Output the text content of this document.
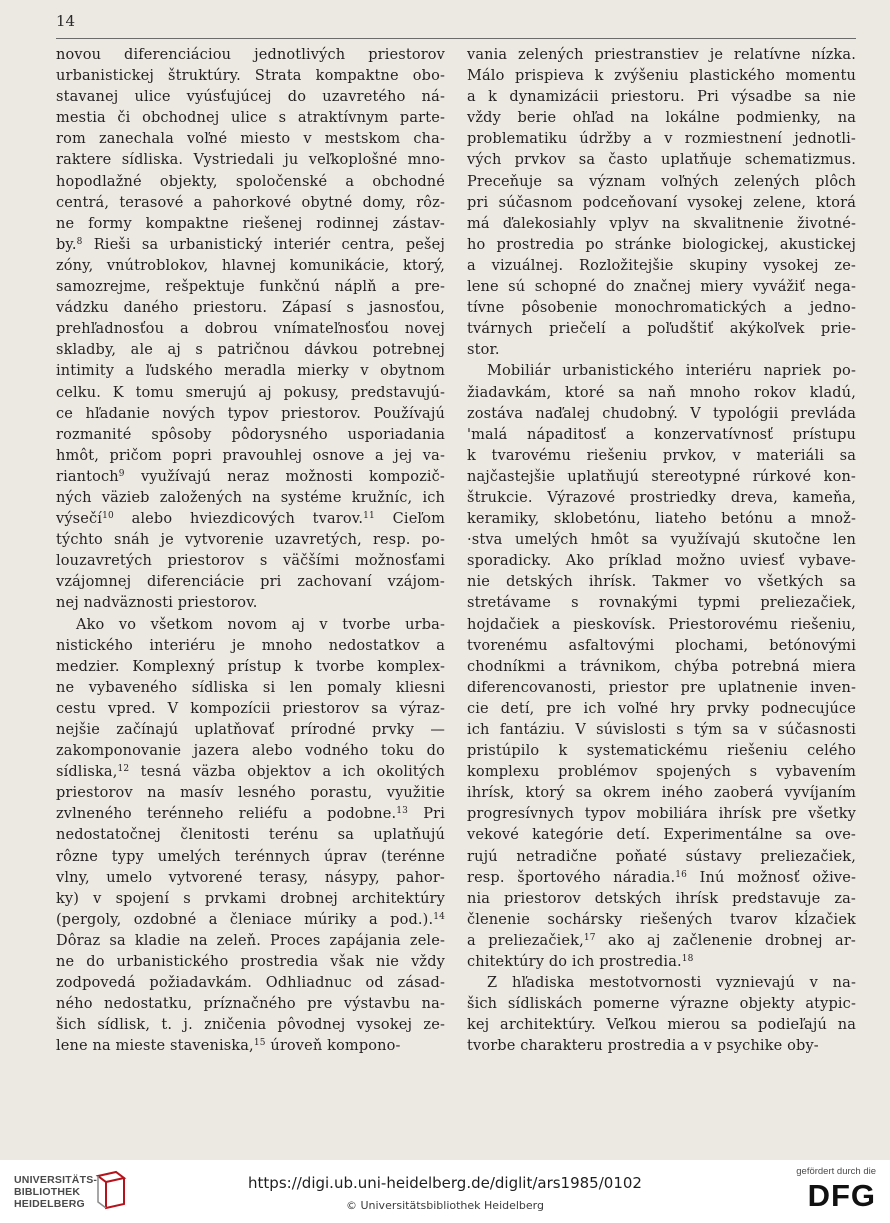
14
novou diferenciáciou jednotlivých priestorov
urbanistickej štruktúry. Strata kompaktne obo-
stavanej ulice vyúsťujúcej do uzavretého ná-
mestia či obchodnej ulice s atraktívnym parte-
rom zanechala voľné miesto v mestskom cha-
raktere sídliska. Vystriedali ju veľkoplošné mno-
hopodlažné objekty, spoločenské a obchodné
centrá, terasové a pahorkové obytné domy, rôz-
ne formy kompaktne riešenej rodinnej zástav-
by.$^8$ Rieši sa urbanistický interiér centra, pešej
zóny, vnútroblokov, hlavnej komunikácie, ktorý,
samozrejme, rešpektuje funkčnú náplň a pre-
vádzku daného priestoru. Zápasí s jasnosťou,
prehľadnosťou a dobrou vnímateľnosťou novej
skladby, ale aj s patričnou dávkou potrebnej
intimity a ľudského meradla mierky v obytnom
celku. K tomu smerujú aj pokusy, predstavujú-
ce hľadanie nových typov priestorov. Používajú
rozmanité spôsoby pôdorysného usporiadania
hmôt, pričom popri pravouhlej osnove a jej va-
riantoch$^9$ využívajú neraz možnosti kompozič-
ných väzieb založených na systéme kružníc, ich
výsečí$^{10}$ alebo hviezdicových tvarov.$^{11}$ Cieľom
týchto snáh je vytvorenie uzavretých, resp. po-
louzavretých priestorov s väčšími možnosťami
vzájomnej diferenciácie pri zachovaní vzájom-
nej nadväznosti priestorov.
Ako vo všetkom novom aj v tvorbe urba-
nistického interiéru je mnoho nedostatkov a
medzier. Komplexný prístup k tvorbe komplex-
ne vybaveného sídliska si len pomaly kliesni
cestu vpred. V kompozícii priestorov sa výraz-
nejšie začínajú uplatňovať prírodné prvky —
zakomponovanie jazera alebo vodného toku do
sídliska,$^{12}$ tesná väzba objektov a ich okolitých
priestorov na masív lesného porastu, využitie
zvlneného terénneho reliéfu a podobne.$^{13}$ Pri
nedostatočnej členitosti terénu sa uplatňujú
rôzne typy umelých terénnych úprav (terénne
vlny, umelo vytvorené terasy, násypy, pahor-
ky) v spojení s prvkami drobnej architektúry
(pergoly, ozdobné a členiace múriky a pod.).$^{14}$
Dôraz sa kladie na zeleň. Proces zapájania zele-
ne do urbanistického prostredia však nie vždy
zodpovedá požiadavkám. Odhliadnuc od zásad-
ného nedostatku, príznačného pre výstavbu na-
šich sídlisk, t. j. zničenia pôvodnej vysokej ze-
lene na mieste staveniska,$^{15}$ úroveň kompono-
vania zelených priestranstiev je relatívne nízka.
Málo prispieva k zvýšeniu plastického momentu
a k dynamizácii priestoru. Pri výsadbe sa nie
vždy berie ohľad na lokálne podmienky, na
problematiku údržby a v rozmiestnení jednotli-
vých prvkov sa často uplatňuje schematizmus.
Preceňuje sa význam voľných zelených plôch
pri súčasnom podceňovaní vysokej zelene, ktorá
má ďalekosiahly vplyv na skvalitnenie životné-
ho prostredia po stránke biologickej, akustickej
a vizuálnej. Rozložitejšie skupiny vysokej ze-
lene sú schopné do značnej miery vyvážiť nega-
tívne pôsobenie monochromatických a jedno-
tvárnych priečelí a poľudštiť akýkoľvek prie-
stor.
Mobiliár urbanistického interiéru napriek po-
žiadavkám, ktoré sa naň mnoho rokov kladú,
zostáva naďalej chudobný. V typológii prevláda
'malá nápaditosť a konzervatívnosť prístupu
k tvarovému riešeniu prvkov, v materiáli sa
najčastejšie uplatňujú stereotypné rúrkové kon-
štrukcie. Výrazové prostriedky dreva, kameňa,
keramiky, sklobetónu, liateho betónu a množ-
·stva umelých hmôt sa využívajú skutočne len
sporadicky. Ako príklad možno uviesť vybave-
nie detských ihrísk. Takmer vo všetkých sa
stretávame s rovnakými typmi preliezačiek,
hojdačiek a pieskovísk. Priestorovému riešeniu,
tvorenému asfaltovými plochami, betónovými
chodníkmi a trávnikom, chýba potrebná miera
diferencovanosti, priestor pre uplatnenie inven-
cie detí, pre ich voľné hry prvky podnecujúce
ich fantáziu. V súvislosti s tým sa v súčasnosti
pristúpilo k systematickému riešeniu celého
komplexu problémov spojených s vybavením
ihrísk, ktorý sa okrem iného zaoberá vyvíjaním
progresívnych typov mobiliára ihrísk pre všetky
vekové kategórie detí. Experimentálne sa ove-
rujú netradične poňaté sústavy preliezačiek,
resp. športového náradia.$^{16}$ Inú možnosť ožive-
nia priestorov detských ihrísk predstavuje za-
členenie sochársky riešených tvarov kĺzačiek
a preliezačiek,$^{17}$ ako aj začlenenie drobnej ar-
chitektúry do ich prostredia.$^{18}$
Z hľadiska mestotvornosti vyznievajú v na-
šich sídliskách pomerne výrazne objekty atypic-
kej architektúry. Veľkou mierou sa podieľajú na
tvorbe charakteru prostredia a v psychike oby-
UNIVERSITÄTS-
BIBLIOTHEK
HEIDELBERG
https://digi.ub.uni-heidelberg.de/diglit/ars1985/0102
© Universitätsbibliothek Heidelberg
gefördert durch die
DFG
